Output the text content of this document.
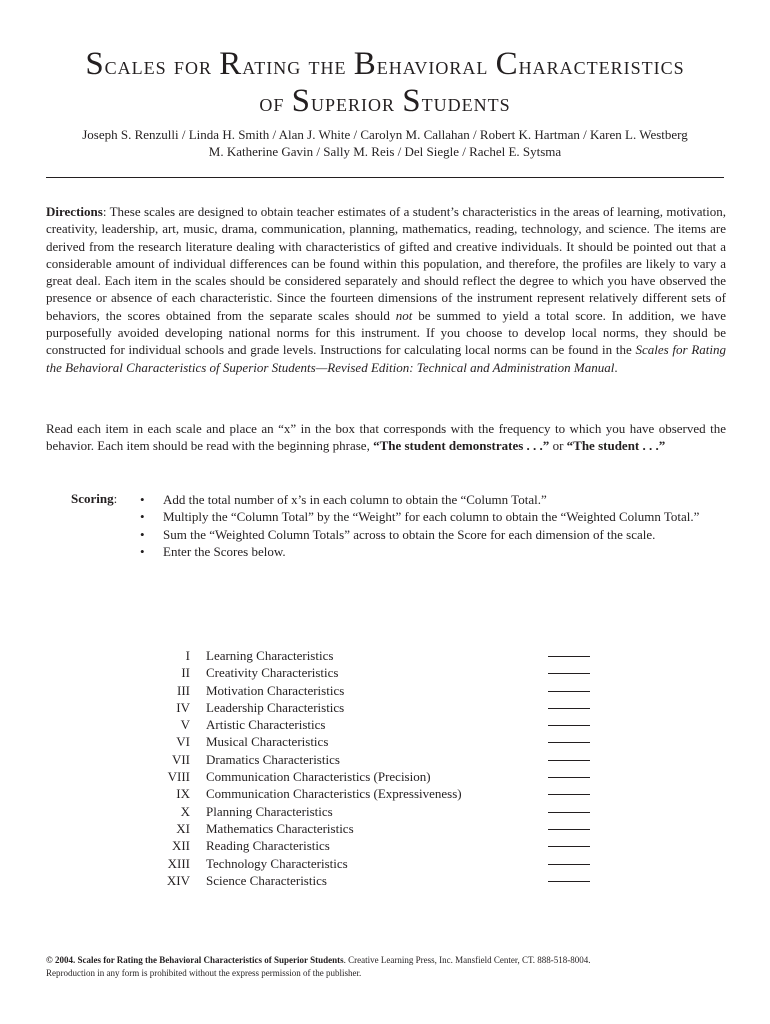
Scales for Rating the Behavioral Characteristics
of Superior Students
Joseph S. Renzulli / Linda H. Smith / Alan J. White / Carolyn M. Callahan / Robert K. Hartman / Karen L. Westberg
M. Katherine Gavin / Sally M. Reis / Del Siegle / Rachel E. Sytsma
Directions: These scales are designed to obtain teacher estimates of a student’s characteristics in the areas of learning, motivation, creativity, leadership, art, music, drama, communication, planning, mathematics, reading, technology, and science. The items are derived from the research literature dealing with characteristics of gifted and creative individuals. It should be pointed out that a considerable amount of individual differences can be found within this population, and therefore, the profiles are likely to vary a great deal. Each item in the scales should be considered separately and should reflect the degree to which you have observed the presence or absence of each characteristic. Since the fourteen dimensions of the instrument represent relatively different sets of behaviors, the scores obtained from the separate scales should not be summed to yield a total score. In addition, we have purposefully avoided developing national norms for this instrument. If you choose to develop local norms, they should be constructed for individual schools and grade levels. Instructions for calculating local norms can be found in the Scales for Rating the Behavioral Characteristics of Superior Students—Revised Edition: Technical and Administration Manual.
Read each item in each scale and place an “x” in the box that corresponds with the frequency to which you have observed the behavior. Each item should be read with the beginning phrase, “The student demonstrates . . .” or “The student . . .”
Scoring: • Add the total number of x’s in each column to obtain the “Column Total.”
• Multiply the “Column Total” by the “Weight” for each column to obtain the “Weighted Column Total.”
• Sum the “Weighted Column Totals” across to obtain the Score for each dimension of the scale.
• Enter the Scores below.
I Learning Characteristics
II Creativity Characteristics
III Motivation Characteristics
IV Leadership Characteristics
V Artistic Characteristics
VI Musical Characteristics
VII Dramatics Characteristics
VIII Communication Characteristics (Precision)
IX Communication Characteristics (Expressiveness)
X Planning Characteristics
XI Mathematics Characteristics
XII Reading Characteristics
XIII Technology Characteristics
XIV Science Characteristics
© 2004. Scales for Rating the Behavioral Characteristics of Superior Students. Creative Learning Press, Inc. Mansfield Center, CT. 888-518-8004.
Reproduction in any form is prohibited without the express permission of the publisher.
